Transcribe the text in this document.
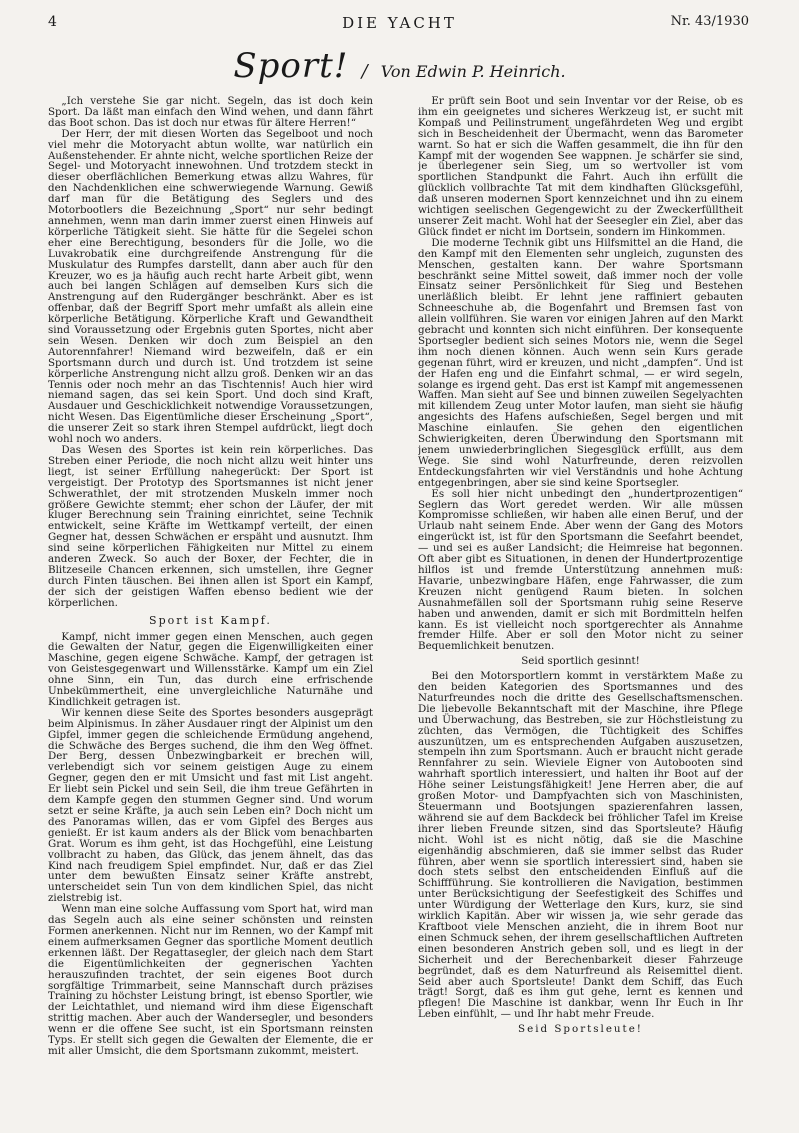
4	DIE YACHT	Nr. 43/1930
Sport! / Von Edwin P. Heinrich.

„Ich verstehe Sie gar nicht. Segeln, das ist doch kein Sport. Da läßt man einfach den Wind wehen, und dann fährt das Boot schon. Das ist doch nur etwas für ältere Herren!“

Der Herr, der mit diesen Worten das Segelboot und noch viel mehr die Motoryacht abtun wollte, war natürlich ein Außenstehender. Er ahnte nicht, welche sportlichen Reize der Segel- und Motoryacht innewohnen. Und trotzdem steckt in dieser oberflächlichen Bemerkung etwas allzu Wahres, für den Nachdenklichen eine schwerwiegende Warnung. Gewiß darf man für die Betätigung des Seglers und des Motorbootlers die Bezeichnung „Sport“ nur sehr bedingt annehmen, wenn man darin immer zuerst einen Hinweis auf körperliche Tätigkeit sieht. Sie hätte für die Segelei schon eher eine Berechtigung, besonders für die Jolle, wo die Luvakrobatik eine durchgreifende Anstrengung für die Muskulatur des Rumpfes darstellt, dann aber auch für den Kreuzer, wo es ja häufig auch recht harte Arbeit gibt, wenn auch bei langen Schlägen auf demselben Kurs sich die Anstrengung auf den Rudergänger beschränkt. Aber es ist offenbar, daß der Begriff Sport mehr umfaßt als allein eine körperliche Betätigung. Körperliche Kraft und Gewandtheit sind Voraussetzung oder Ergebnis guten Sportes, nicht aber sein Wesen. Denken wir doch zum Beispiel an den Autorennfahrer! Niemand wird bezweifeln, daß er ein Sportsmann durch und durch ist. Und trotzdem ist seine körperliche Anstrengung nicht allzu groß. Denken wir an das Tennis oder noch mehr an das Tischtennis! Auch hier wird niemand sagen, das sei kein Sport. Und doch sind Kraft, Ausdauer und Geschicklichkeit notwendige Voraussetzungen, nicht Wesen. Das Eigentümliche dieser Erscheinung „Sport“, die unserer Zeit so stark ihren Stempel aufdrückt, liegt doch wohl noch wo anders.

Das Wesen des Sportes ist kein rein körperliches. Das Streben einer Periode, die noch nicht allzu weit hinter uns liegt, ist seiner Erfüllung nahegerückt: Der Sport ist vergeistigt. Der Prototyp des Sportsmannes ist nicht jener Schwerathlet, der mit strotzenden Muskeln immer noch größere Gewichte stemmt; eher schon der Läufer, der mit kluger Berechnung sein Training einrichtet, seine Technik entwickelt, seine Kräfte im Wettkampf verteilt, der einen Gegner hat, dessen Schwächen er erspäht und ausnutzt. Ihm sind seine körperlichen Fähigkeiten nur Mittel zu einem anderen Zweck. So auch der Boxer, der Fechter, die in Blitzeseile Chancen erkennen, sich umstellen, ihre Gegner durch Finten täuschen. Bei ihnen allen ist Sport ein Kampf, der sich der geistigen Waffen ebenso bedient wie der körperlichen.

Sport ist Kampf.

Kampf, nicht immer gegen einen Menschen, auch gegen die Gewalten der Natur, gegen die Eigenwilligkeiten einer Maschine, gegen eigene Schwäche. Kampf, der getragen ist von Geistesgegenwart und Willensstärke. Kampf um ein Ziel ohne Sinn, ein Tun, das durch eine erfrischende Unbekümmertheit, eine unvergleichliche Naturnähe und Kindlichkeit getragen ist.

Wir kennen diese Seite des Sportes besonders ausgeprägt beim Alpinismus. In zäher Ausdauer ringt der Alpinist um den Gipfel, immer gegen die schleichende Ermüdung angehend, die Schwäche des Berges suchend, die ihm den Weg öffnet. Der Berg, dessen Unbezwingbarkeit er brechen will, verlebendigt sich vor seinem geistigen Auge zu einem Gegner, gegen den er mit Umsicht und fast mit List angeht. Er liebt sein Pickel und sein Seil, die ihm treue Gefährten in dem Kampfe gegen den stummen Gegner sind. Und worum setzt er seine Kräfte, ja auch sein Leben ein? Doch nicht um des Panoramas willen, das er vom Gipfel des Berges aus genießt. Er ist kaum anders als der Blick vom benachbarten Grat. Worum es ihm geht, ist das Hochgefühl, eine Leistung vollbracht zu haben, das Glück, das jenem ähnelt, das das Kind nach freudigem Spiel empfindet. Nur, daß er das Ziel unter dem bewußten Einsatz seiner Kräfte anstrebt, unterscheidet sein Tun von dem kindlichen Spiel, das nicht zielstrebig ist.

Wenn man eine solche Auffassung vom Sport hat, wird man das Segeln auch als eine seiner schönsten und reinsten Formen anerkennen. Nicht nur im Rennen, wo der Kampf mit einem aufmerksamen Gegner das sportliche Moment deutlich erkennen läßt. Der Regattasegler, der gleich nach dem Start die Eigentümlichkeiten der gegnerischen Yachten herauszufinden trachtet, der sein eigenes Boot durch sorgfältige Trimmarbeit, seine Mannschaft durch präzises Training zu höchster Leistung bringt, ist ebenso Sportler, wie der Leichtathlet, und niemand wird ihm diese Eigenschaft strittig machen. Aber auch der Wandersegler, und besonders wenn er die offene See sucht, ist ein Sportsmann reinsten Typs. Er stellt sich gegen die Gewalten der Elemente, die er mit aller Umsicht, die dem Sportsmann zukommt, meistert.

Er prüft sein Boot und sein Inventar vor der Reise, ob es ihm ein geeignetes und sicheres Werkzeug ist, er sucht mit Kompaß und Peilinstrument ungefährdeten Weg und ergibt sich in Bescheidenheit der Übermacht, wenn das Barometer warnt. So hat er sich die Waffen gesammelt, die ihn für den Kampf mit der wogenden See wappnen. Je schärfer sie sind, je überlegener sein Sieg, um so wertvoller ist vom sportlichen Standpunkt die Fahrt. Auch ihn erfüllt die glücklich vollbrachte Tat mit dem kindhaften Glücksgefühl, daß unseren modernen Sport kennzeichnet und ihn zu einem wichtigen seelischen Gegengewicht zu der Zweckerfülltheit unserer Zeit macht. Wohl hat der Seesegler ein Ziel, aber das Glück findet er nicht im Dortsein, sondern im Hinkommen.

Die moderne Technik gibt uns Hilfsmittel an die Hand, die den Kampf mit den Elementen sehr ungleich, zugunsten des Menschen, gestalten kann. Der wahre Sportsmann beschränkt seine Mittel soweit, daß immer noch der volle Einsatz seiner Persönlichkeit für Sieg und Bestehen unerläßlich bleibt. Er lehnt jene raffiniert gebauten Schneeschuhe ab, die Bogenfahrt und Bremsen fast von allein vollführen. Sie waren vor einigen Jahren auf den Markt gebracht und konnten sich nicht einführen. Der konsequente Sportsegler bedient sich seines Motors nie, wenn die Segel ihm noch dienen können. Auch wenn sein Kurs gerade gegenan führt, wird er kreuzen, und nicht „dampfen“. Und ist der Hafen eng und die Einfahrt schmal, — er wird segeln, solange es irgend geht. Das erst ist Kampf mit angemessenen Waffen. Man sieht auf See und binnen zuweilen Segelyachten mit killendem Zeug unter Motor laufen, man sieht sie häufig angesichts des Hafens aufschießen, Segel bergen und mit Maschine einlaufen. Sie gehen den eigentlichen Schwierigkeiten, deren Überwindung den Sportsmann mit jenem unwiederbringlichen Siegesglück erfüllt, aus dem Wege. Sie sind wohl Naturfreunde, deren reizvollen Entdeckungsfahrten wir viel Verständnis und hohe Achtung entgegenbringen, aber sie sind keine Sportsegler.

Es soll hier nicht unbedingt den „hundertprozentigen“ Seglern das Wort geredet werden. Wir alle müssen Kompromisse schließen, wir haben alle einen Beruf, und der Urlaub naht seinem Ende. Aber wenn der Gang des Motors eingerückt ist, ist für den Sportsmann die Seefahrt beendet, — und sei es außer Landsicht; die Heimreise hat begonnen. Oft aber gibt es Situationen, in denen der Hundertprozentige hilflos ist und fremde Unterstützung annehmen muß: Havarie, unbezwingbare Häfen, enge Fahrwasser, die zum Kreuzen nicht genügend Raum bieten. In solchen Ausnahmefällen soll der Sportsmann ruhig seine Reserve haben und anwenden, damit er sich mit Bordmitteln helfen kann. Es ist vielleicht noch sportgerechter als Annahme fremder Hilfe. Aber er soll den Motor nicht zu seiner Bequemlichkeit benutzen.

Seid sportlich gesinnt!

Bei den Motorsportlern kommt in verstärktem Maße zu den beiden Kategorien des Sportsmannes und des Naturfreundes noch die dritte des Gesellschaftsmenschen. Die liebevolle Bekanntschaft mit der Maschine, ihre Pflege und Überwachung, das Bestreben, sie zur Höchstleistung zu züchten, das Vermögen, die Tüchtigkeit des Schiffes auszunützen, um es entsprechenden Aufgaben auszusetzen, stempeln ihn zum Sportsmann. Auch er braucht nicht gerade Rennfahrer zu sein. Wieviele Eigner von Autobooten sind wahrhaft sportlich interessiert, und halten ihr Boot auf der Höhe seiner Leistungsfähigkeit! Jene Herren aber, die auf großen Motor- und Dampfyachten sich von Maschinisten, Steuermann und Bootsjungen spazierenfahren lassen, während sie auf dem Backdeck bei fröhlicher Tafel im Kreise ihrer lieben Freunde sitzen, sind das Sportsleute? Häufig nicht. Wohl ist es nicht nötig, daß sie die Maschine eigenhändig abschmieren, daß sie immer selbst das Ruder führen, aber wenn sie sportlich interessiert sind, haben sie doch stets selbst den entscheidenden Einfluß auf die Schiffführung. Sie kontrollieren die Navigation, bestimmen unter Berücksichtigung der Seefestigkeit des Schiffes und unter Würdigung der Wetterlage den Kurs, kurz, sie sind wirklich Kapitän. Aber wir wissen ja, wie sehr gerade das Kraftboot viele Menschen anzieht, die in ihrem Boot nur einen Schmuck sehen, der ihrem gesellschaftlichen Auftreten einen besonderen Anstrich geben soll, und es liegt in der Sicherheit und der Berechenbarkeit dieser Fahrzeuge begründet, daß es dem Naturfreund als Reisemittel dient. Seid aber auch Sportsleute! Dankt dem Schiff, das Euch trägt! Sorgt, daß es ihm gut gehe, lernt es kennen und pflegen! Die Maschine ist dankbar, wenn Ihr Euch in Ihr Leben einfühlt, — und Ihr habt mehr Freude.

Seid Sportsleute!
